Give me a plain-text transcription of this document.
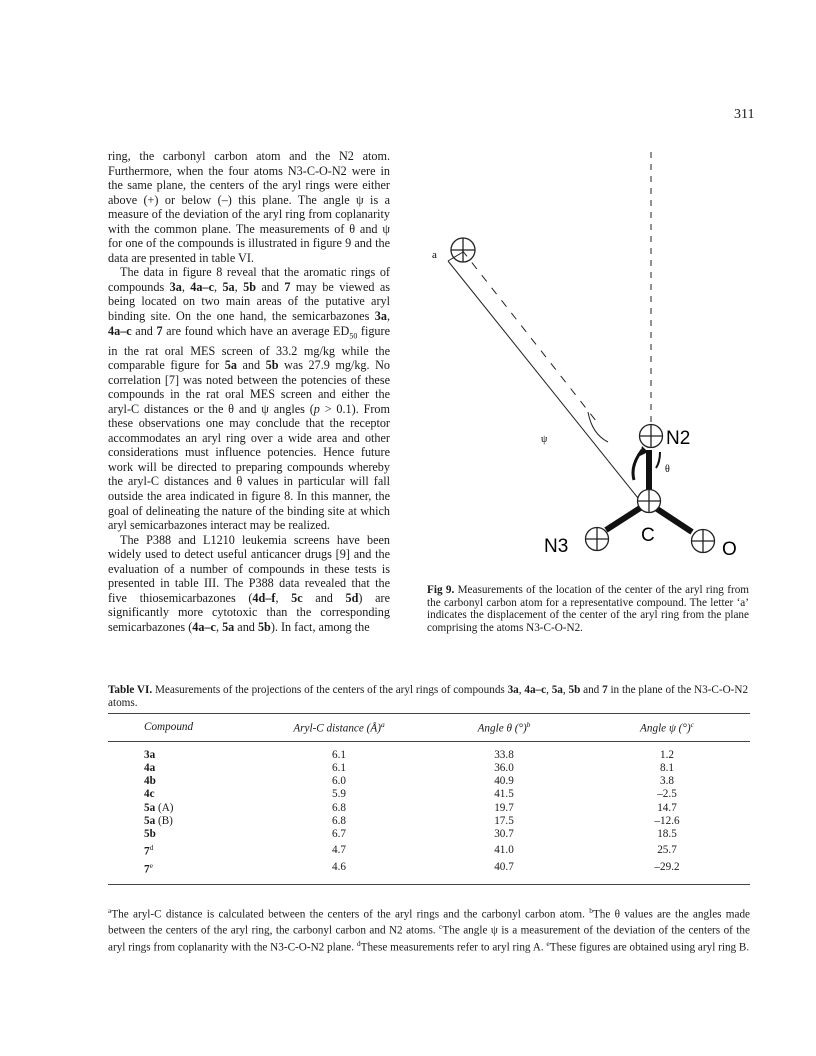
311

ring, the carbonyl carbon atom and the N2 atom. Furthermore, when the four atoms N3-C-O-N2 were in the same plane, the centers of the aryl rings were either above (+) or below (–) this plane. The angle ψ is a measure of the deviation of the aryl ring from coplanarity with the common plane. The measurements of θ and ψ for one of the compounds is illustrated in figure 9 and the data are presented in table VI.

The data in figure 8 reveal that the aromatic rings of compounds 3a, 4a–c, 5a, 5b and 7 may be viewed as being located on two main areas of the putative aryl binding site. On the one hand, the semicarbazones 3a, 4a–c and 7 are found which have an average $ED_{50}$ figure in the rat oral MES screen of 33.2 mg/kg while the comparable figure for 5a and 5b was 27.9 mg/kg. No correlation [7] was noted between the potencies of these compounds in the rat oral MES screen and either the aryl-C distances or the θ and ψ angles (p > 0.1). From these observations one may conclude that the receptor accommodates an aryl ring over a wide area and other considerations must influence potencies. Hence future work will be directed to preparing compounds whereby the aryl-C distances and θ values in particular will fall outside the area indicated in figure 8. In this manner, the goal of delineating the nature of the binding site at which aryl semicarbazones interact may be realized.

The P388 and L1210 leukemia screens have been widely used to detect useful anticancer drugs [9] and the evaluation of a number of compounds in these tests is presented in table III. The P388 data revealed that the five thiosemicarbazones (4d–f, 5c and 5d) are significantly more cytotoxic than the corresponding semicarbazones (4a–c, 5a and 5b). In fact, among the

a
ψ
θ
N2
N3
C
O
Fig 9. Measurements of the location of the center of the aryl ring from the carbonyl carbon atom for a representative compound. The letter ‘a’ indicates the displacement of the center of the aryl ring from the plane comprising the atoms N3-C-O-N2.
Table VI. Measurements of the projections of the centers of the aryl rings of compounds 3a, 4a–c, 5a, 5b and 7 in the plane of the N3-C-O-N2 atoms.
Compound	Aryl-C distance (Å)$^a$	Angle θ (°)$^b$	Angle ψ (°)$^c$
3a	6.1	33.8	1.2
4a	6.1	36.0	8.1
4b	6.0	40.9	3.8
4c	5.9	41.5	–2.5
5a (A)	6.8	19.7	14.7
5a (B)	6.8	17.5	–12.6
5b	6.7	30.7	18.5
7$^d$	4.7	41.0	25.7
7e	4.6	40.7	–29.2
$^a$The aryl-C distance is calculated between the centers of the aryl rings and the carbonyl carbon atom. $^b$The θ values are the angles made between the centers of the aryl ring, the carbonyl carbon and N2 atoms. $^c$The angle ψ is a measurement of the deviation of the centers of the aryl rings from coplanarity with the N3-C-O-N2 plane. $^d$These measurements refer to aryl ring A. $^e$These figures are obtained using aryl ring B.
